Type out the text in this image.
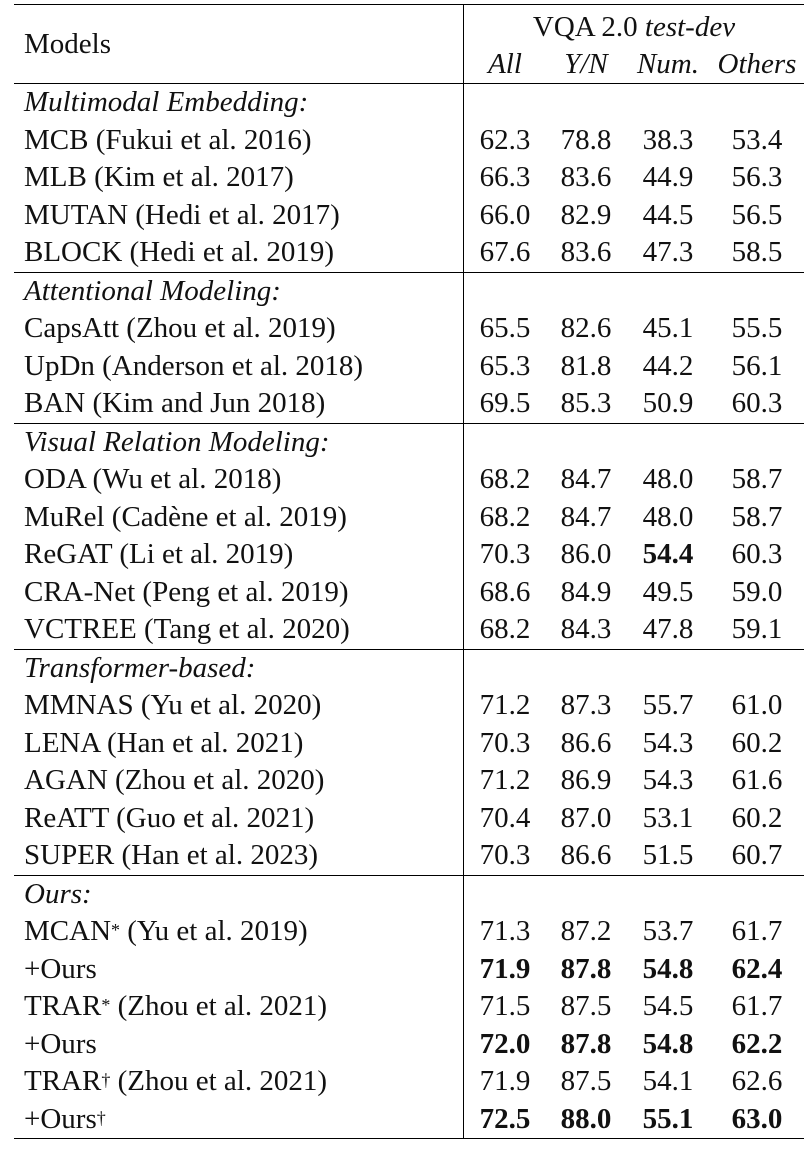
Models	VQA 2.0 test-dev			
	All	Y/N	Num.	Others
Multimodal Embedding:				
MCB (Fukui et al. 2016)	62.3	78.8	38.3	53.4
MLB (Kim et al. 2017)	66.3	83.6	44.9	56.3
MUTAN (Hedi et al. 2017)	66.0	82.9	44.5	56.5
BLOCK (Hedi et al. 2019)	67.6	83.6	47.3	58.5
Attentional Modeling:				
CapsAtt (Zhou et al. 2019)	65.5	82.6	45.1	55.5
UpDn (Anderson et al. 2018)	65.3	81.8	44.2	56.1
BAN (Kim and Jun 2018)	69.5	85.3	50.9	60.3
Visual Relation Modeling:				
ODA (Wu et al. 2018)	68.2	84.7	48.0	58.7
MuRel (Cadène et al. 2019)	68.2	84.7	48.0	58.7
ReGAT (Li et al. 2019)	70.3	86.0	54.4	60.3
CRA-Net (Peng et al. 2019)	68.6	84.9	49.5	59.0
VCTREE (Tang et al. 2020)	68.2	84.3	47.8	59.1
Transformer-based:				
MMNAS (Yu et al. 2020)	71.2	87.3	55.7	61.0
LENA (Han et al. 2021)	70.3	86.6	54.3	60.2
AGAN (Zhou et al. 2020)	71.2	86.9	54.3	61.6
ReATT (Guo et al. 2021)	70.4	87.0	53.1	60.2
SUPER (Han et al. 2023)	70.3	86.6	51.5	60.7
Ours:				
MCAN* (Yu et al. 2019)	71.3	87.2	53.7	61.7
+Ours	71.9	87.8	54.8	62.4
TRAR* (Zhou et al. 2021)	71.5	87.5	54.5	61.7
+Ours	72.0	87.8	54.8	62.2
TRAR† (Zhou et al. 2021)	71.9	87.5	54.1	62.6
+Ours†	72.5	88.0	55.1	63.0
